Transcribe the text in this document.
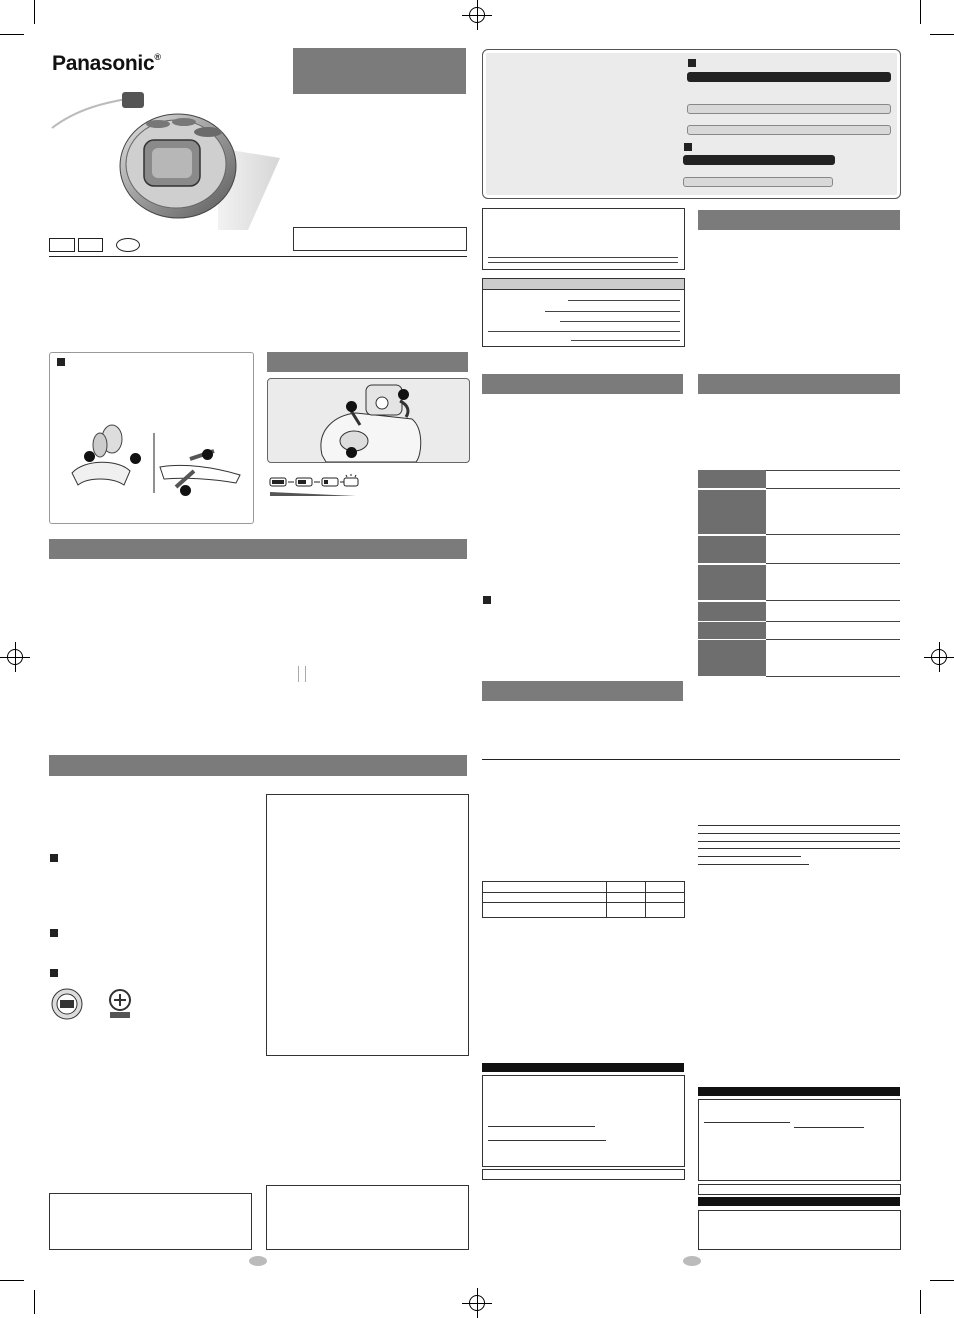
Panasonic®
